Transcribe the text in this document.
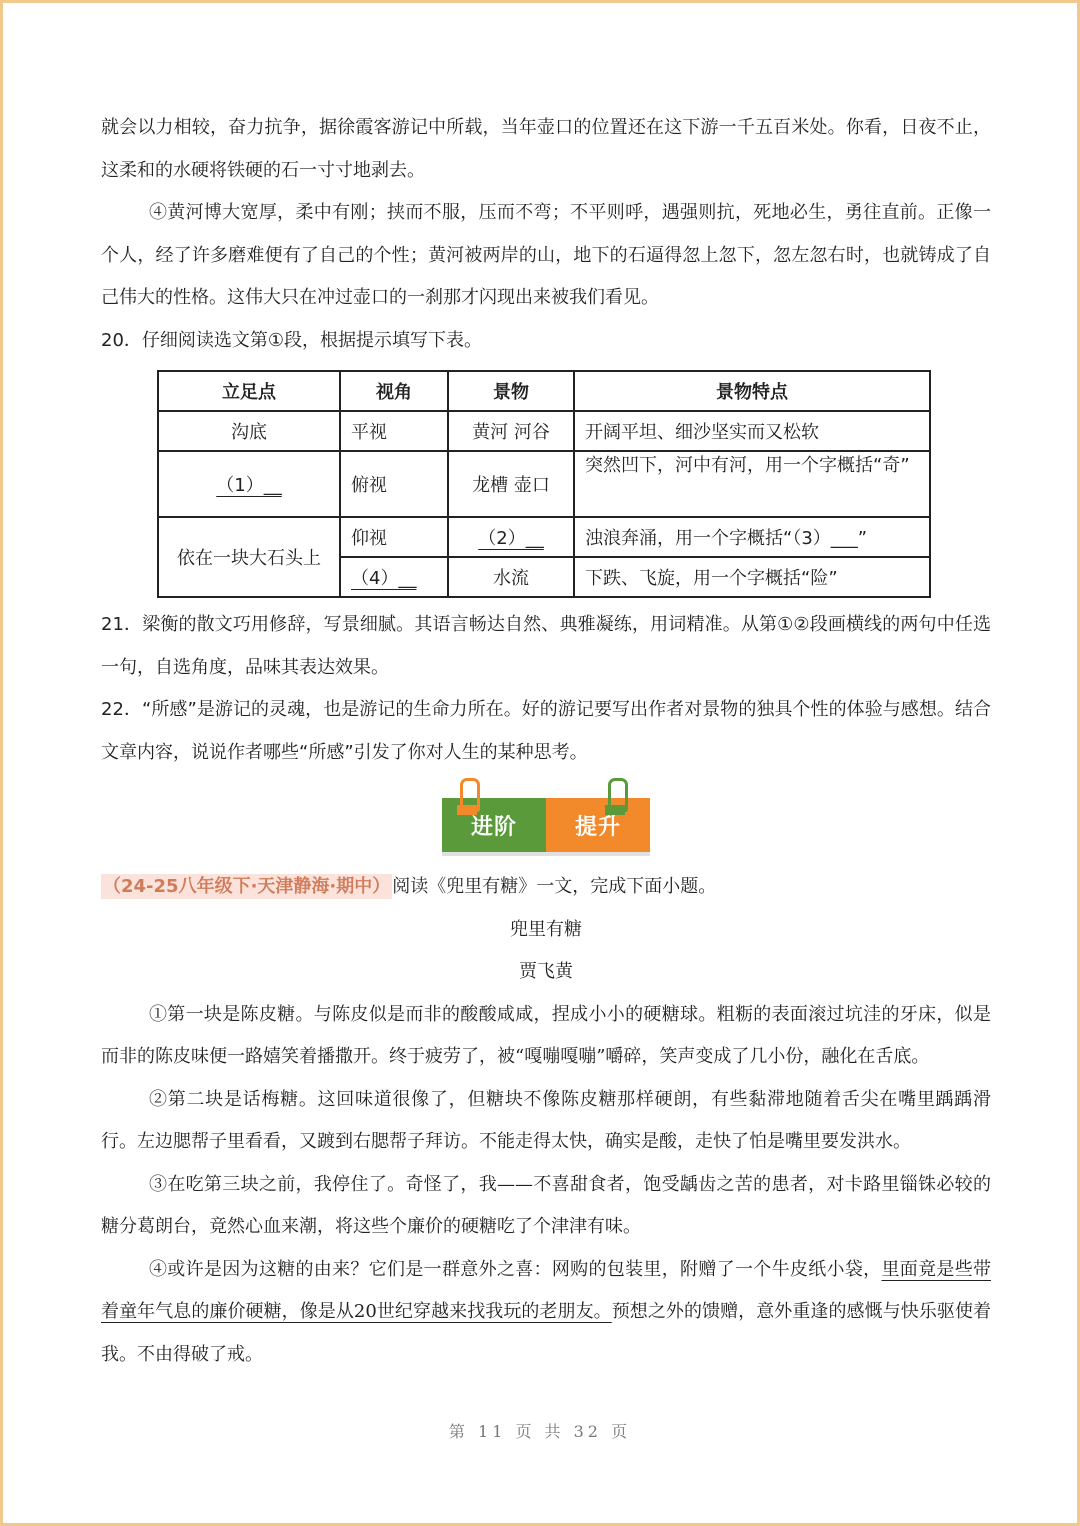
就会以力相较，奋力抗争，据徐霞客游记中所载，当年壶口的位置还在这下游一千五百米处。你看，日夜不止，这柔和的水硬将铁硬的石一寸寸地剥去。

④黄河博大宽厚，柔中有刚；挟而不服，压而不弯；不平则呼，遇强则抗，死地必生，勇往直前。正像一个人，经了许多磨难便有了自己的个性；黄河被两岸的山，地下的石逼得忽上忽下，忽左忽右时，也就铸成了自己伟大的性格。这伟大只在冲过壶口的一刹那才闪现出来被我们看见。

20．仔细阅读选文第①段，根据提示填写下表。

立足点	视角	景物	景物特点
沟底	平视	黄河 河谷	开阔平坦、细沙坚实而又松软
（1）__	俯视	龙槽 壶口	突然凹下，河中有河，用一个字概括“奇”
依在一块大石头上	仰视	（2）__	浊浪奔涌，用一个字概括“（3）___”
	（4）__	水流	下跌、飞旋，用一个字概括“险”

21．梁衡的散文巧用修辞，写景细腻。其语言畅达自然、典雅凝练，用词精准。从第①②段画横线的两句中任选一句，自选角度，品味其表达效果。

22．“所感”是游记的灵魂，也是游记的生命力所在。好的游记要写出作者对景物的独具个性的体验与感想。结合文章内容，说说作者哪些“所感”引发了你对人生的某种思考。

进阶	提升

（24-25八年级下·天津静海·期中） 阅读《兜里有糖》一文，完成下面小题。

兜里有糖

贾飞黄

①第一块是陈皮糖。与陈皮似是而非的酸酸咸咸，捏成小小的硬糖球。粗粝的表面滚过坑洼的牙床，似是而非的陈皮味便一路嬉笑着播撒开。终于疲劳了，被“嘎嘣嘎嘣”嚼碎，笑声变成了几小份，融化在舌底。

②第二块是话梅糖。这回味道很像了，但糖块不像陈皮糖那样硬朗，有些黏滞地随着舌尖在嘴里踽踽滑行。左边腮帮子里看看，又踱到右腮帮子拜访。不能走得太快，确实是酸，走快了怕是嘴里要发洪水。

③在吃第三块之前，我停住了。奇怪了，我——不喜甜食者，饱受龋齿之苦的患者，对卡路里锱铢必较的糖分葛朗台，竟然心血来潮，将这些个廉价的硬糖吃了个津津有味。

④或许是因为这糖的由来？它们是一群意外之喜：网购的包装里，附赠了一个牛皮纸小袋，里面竟是些带着童年气息的廉价硬糖，像是从20世纪穿越来找我玩的老朋友。预想之外的馈赠，意外重逢的感慨与快乐驱使着我。不由得破了戒。

第 11 页 共 32 页
